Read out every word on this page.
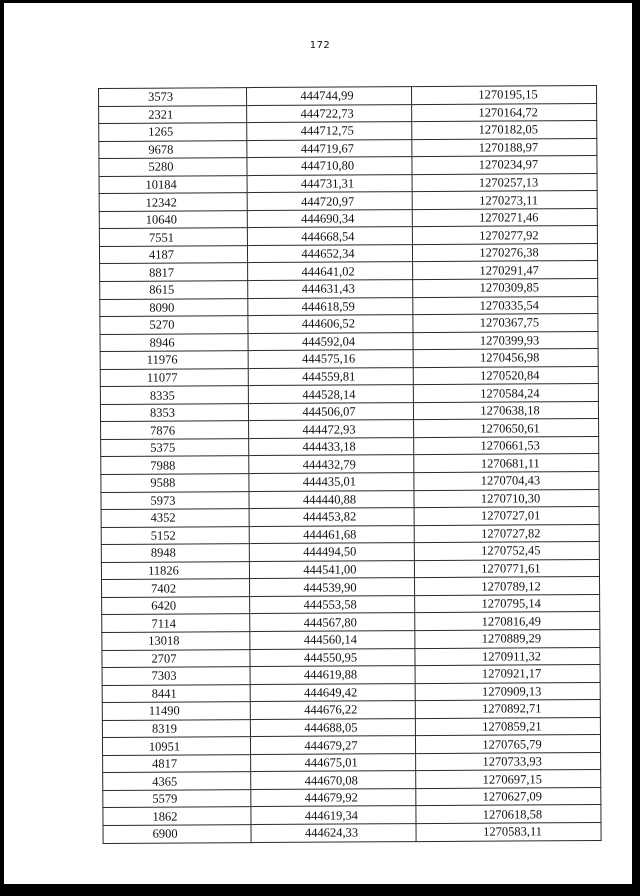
172
3573	444744,99	1270195,15
2321	444722,73	1270164,72
1265	444712,75	1270182,05
9678	444719,67	1270188,97
5280	444710,80	1270234,97
10184	444731,31	1270257,13
12342	444720,97	1270273,11
10640	444690,34	1270271,46
7551	444668,54	1270277,92
4187	444652,34	1270276,38
8817	444641,02	1270291,47
8615	444631,43	1270309,85
8090	444618,59	1270335,54
5270	444606,52	1270367,75
8946	444592,04	1270399,93
11976	444575,16	1270456,98
11077	444559,81	1270520,84
8335	444528,14	1270584,24
8353	444506,07	1270638,18
7876	444472,93	1270650,61
5375	444433,18	1270661,53
7988	444432,79	1270681,11
9588	444435,01	1270704,43
5973	444440,88	1270710,30
4352	444453,82	1270727,01
5152	444461,68	1270727,82
8948	444494,50	1270752,45
11826	444541,00	1270771,61
7402	444539,90	1270789,12
6420	444553,58	1270795,14
7114	444567,80	1270816,49
13018	444560,14	1270889,29
2707	444550,95	1270911,32
7303	444619,88	1270921,17
8441	444649,42	1270909,13
11490	444676,22	1270892,71
8319	444688,05	1270859,21
10951	444679,27	1270765,79
4817	444675,01	1270733,93
4365	444670,08	1270697,15
5579	444679,92	1270627,09
1862	444619,34	1270618,58
6900	444624,33	1270583,11
